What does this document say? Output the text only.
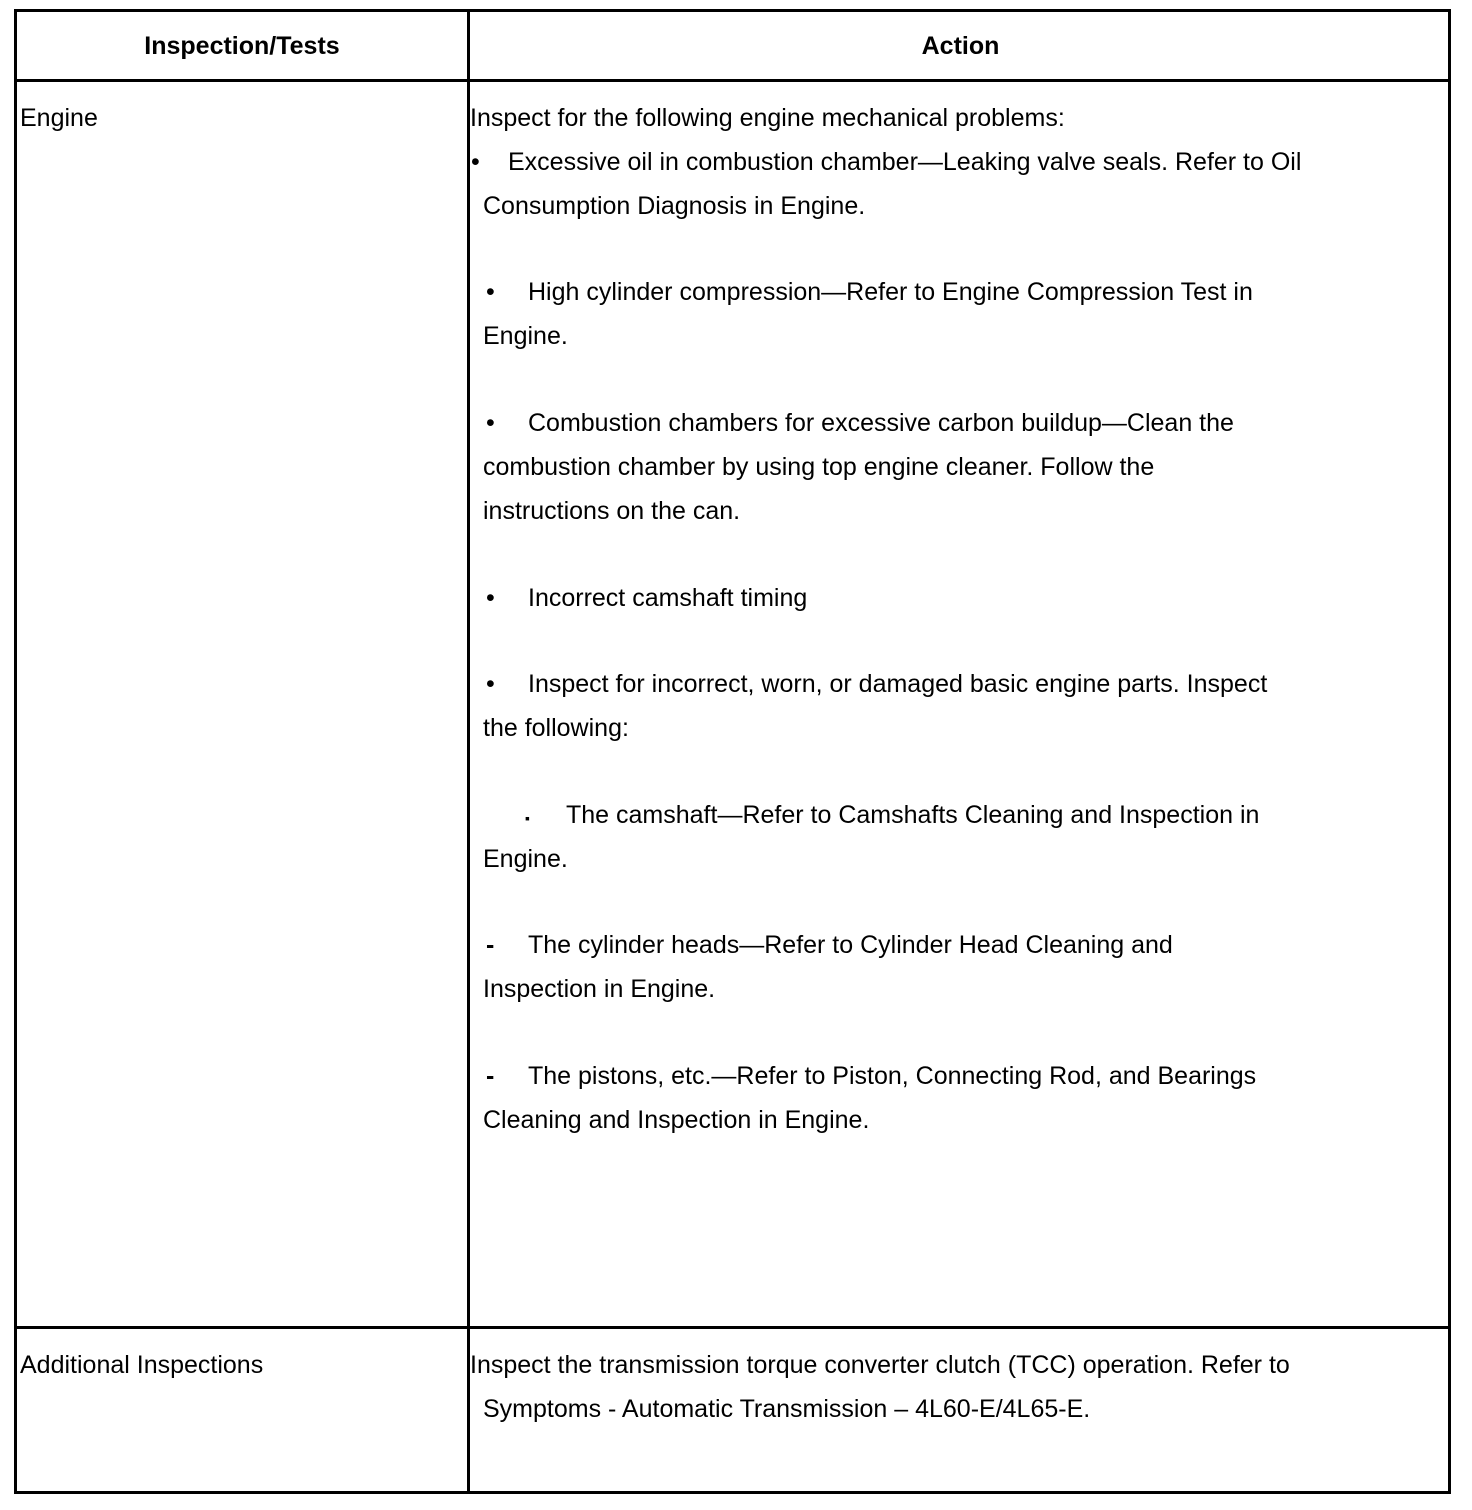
Inspection/Tests	Action
Engine	Inspect for the following engine mechanical problems:
• Excessive oil in combustion chamber—Leaking valve seals. Refer to Oil
Consumption Diagnosis in Engine.
• High cylinder compression—Refer to Engine Compression Test in
Engine.
• Combustion chambers for excessive carbon buildup—Clean the
combustion chamber by using top engine cleaner. Follow the
instructions on the can.
• Incorrect camshaft timing
• Inspect for incorrect, worn, or damaged basic engine parts. Inspect
the following:
▪ The camshaft—Refer to Camshafts Cleaning and Inspection in
Engine.
- The cylinder heads—Refer to Cylinder Head Cleaning and
Inspection in Engine.
- The pistons, etc.—Refer to Piston, Connecting Rod, and Bearings
Cleaning and Inspection in Engine.
Additional Inspections	Inspect the transmission torque converter clutch (TCC) operation. Refer to
Symptoms - Automatic Transmission – 4L60-E/4L65-E.
